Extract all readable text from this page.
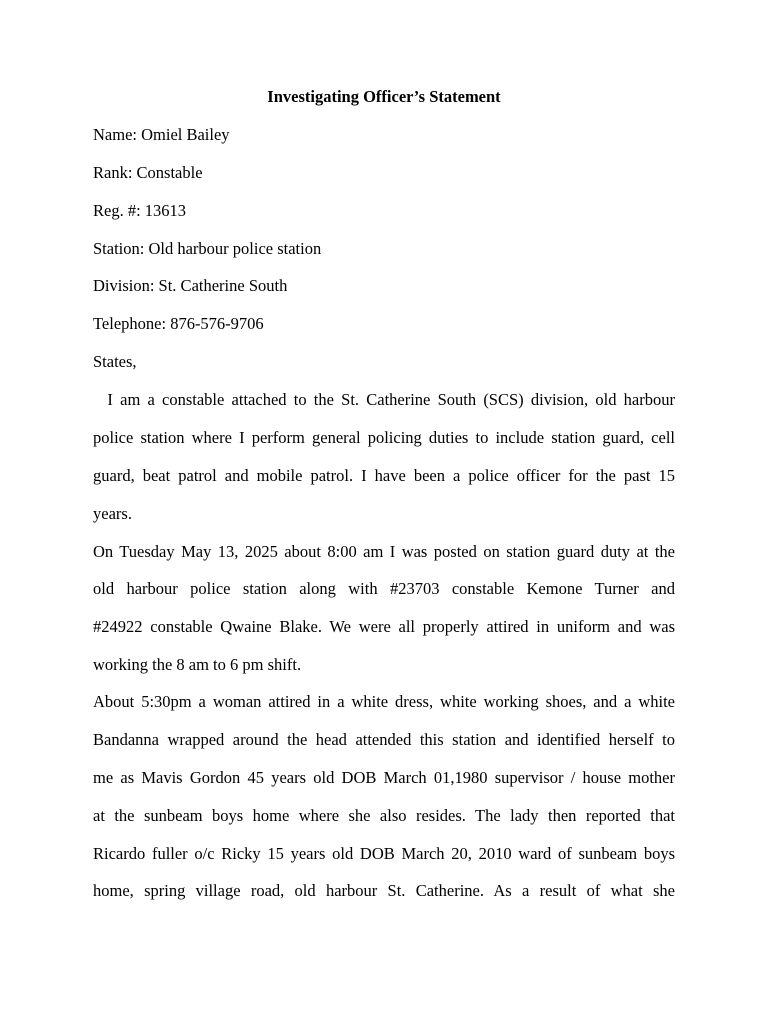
Investigating Officer’s Statement
Name: Omiel Bailey
Rank: Constable
Reg. #: 13613
Station: Old harbour police station
Division: St. Catherine South
Telephone: 876-576-9706
States,
I am a constable attached to the St. Catherine South (SCS) division, old harbour
police station where I perform general policing duties to include station guard, cell
guard, beat patrol and mobile patrol. I have been a police officer for the past 15
years.
On Tuesday May 13, 2025 about 8:00 am I was posted on station guard duty at the
old harbour police station along with #23703 constable Kemone Turner and
#24922 constable Qwaine Blake. We were all properly attired in uniform and was
working the 8 am to 6 pm shift.
About 5:30pm a woman attired in a white dress, white working shoes, and a white
Bandanna wrapped around the head attended this station and identified herself to
me as Mavis Gordon 45 years old DOB March 01,1980 supervisor / house mother
at the sunbeam boys home where she also resides. The lady then reported that
Ricardo fuller o/c Ricky 15 years old DOB March 20, 2010 ward of sunbeam boys
home, spring village road, old harbour St. Catherine. As a result of what she
